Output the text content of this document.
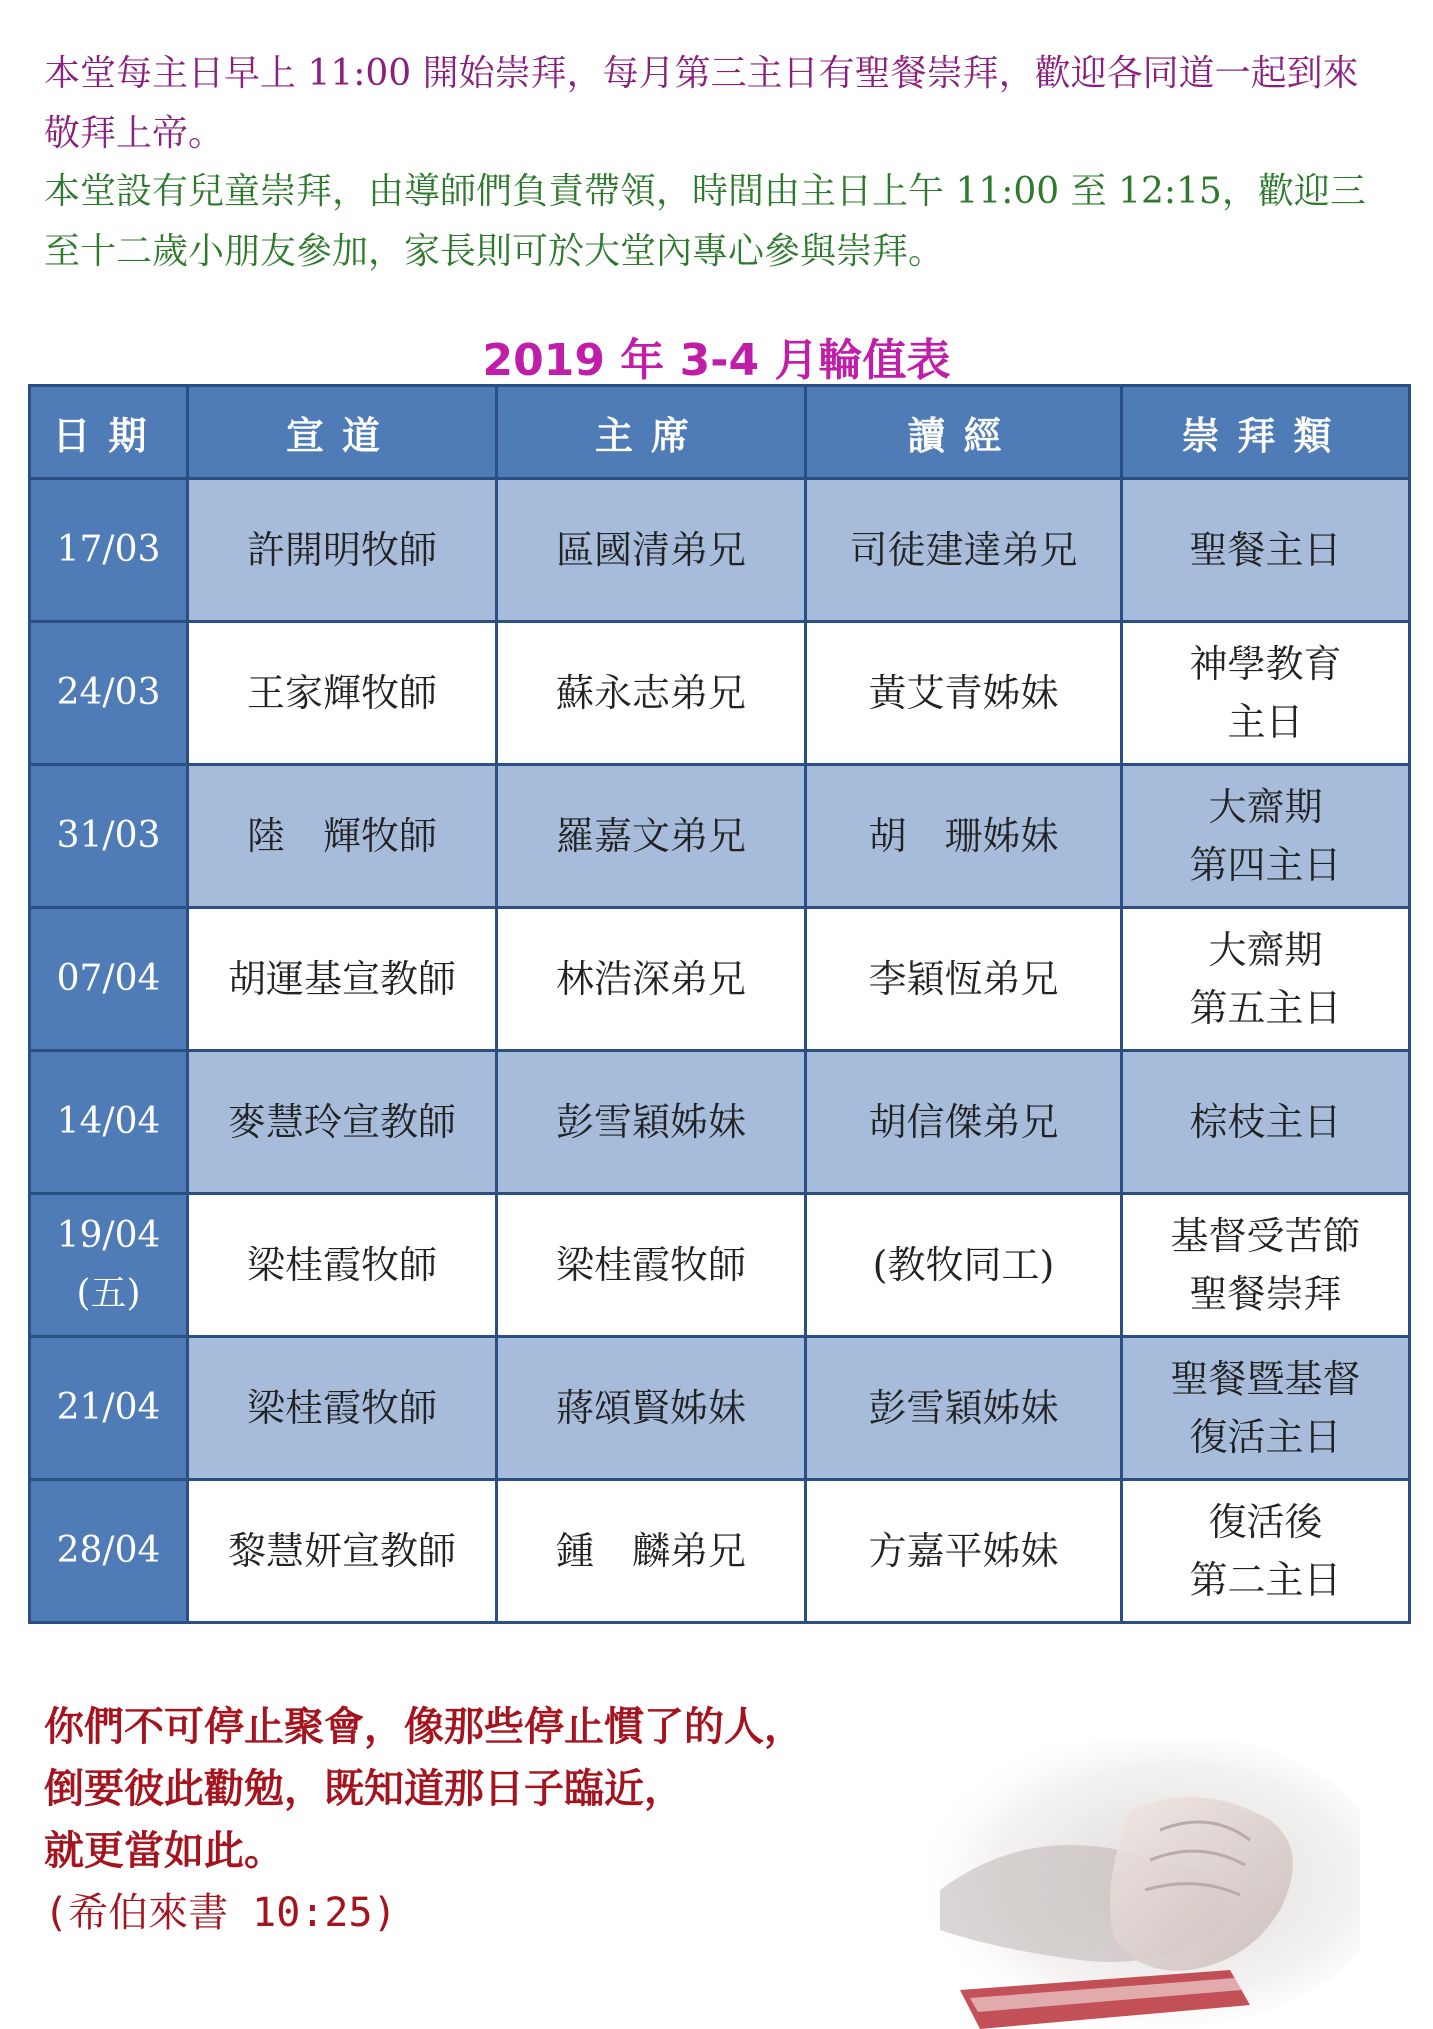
本堂每主日早上 11:00 開始崇拜，每月第三主日有聖餐崇拜，歡迎各同道一起到來敬拜上帝。

本堂設有兒童崇拜，由導師們負責帶領，時間由主日上午 11:00 至 12:15，歡迎三至十二歲小朋友參加，家長則可於大堂內專心參與崇拜。

2019 年 3-4 月輪值表
日期	宣道	主席	讀經	崇拜類
17/03	許開明牧師	區國清弟兄	司徒建達弟兄	聖餐主日
24/03	王家輝牧師	蘇永志弟兄	黃艾青姊妹	神學教育
主日
31/03	陸　輝牧師	羅嘉文弟兄	胡　珊姊妹	大齋期
第四主日
07/04	胡運基宣教師	林浩深弟兄	李穎恆弟兄	大齋期
第五主日
14/04	麥慧玲宣教師	彭雪穎姊妹	胡信傑弟兄	棕枝主日
19/04
(五)	梁桂霞牧師	梁桂霞牧師	(教牧同工)	基督受苦節
聖餐崇拜
21/04	梁桂霞牧師	蔣頌賢姊妹	彭雪穎姊妹	聖餐暨基督
復活主日
28/04	黎慧妍宣教師	鍾　麟弟兄	方嘉平姊妹	復活後
第二主日
你們不可停止聚會，像那些停止慣了的人，
倒要彼此勸勉，既知道那日子臨近，
就更當如此。
(希伯來書 10:25)
